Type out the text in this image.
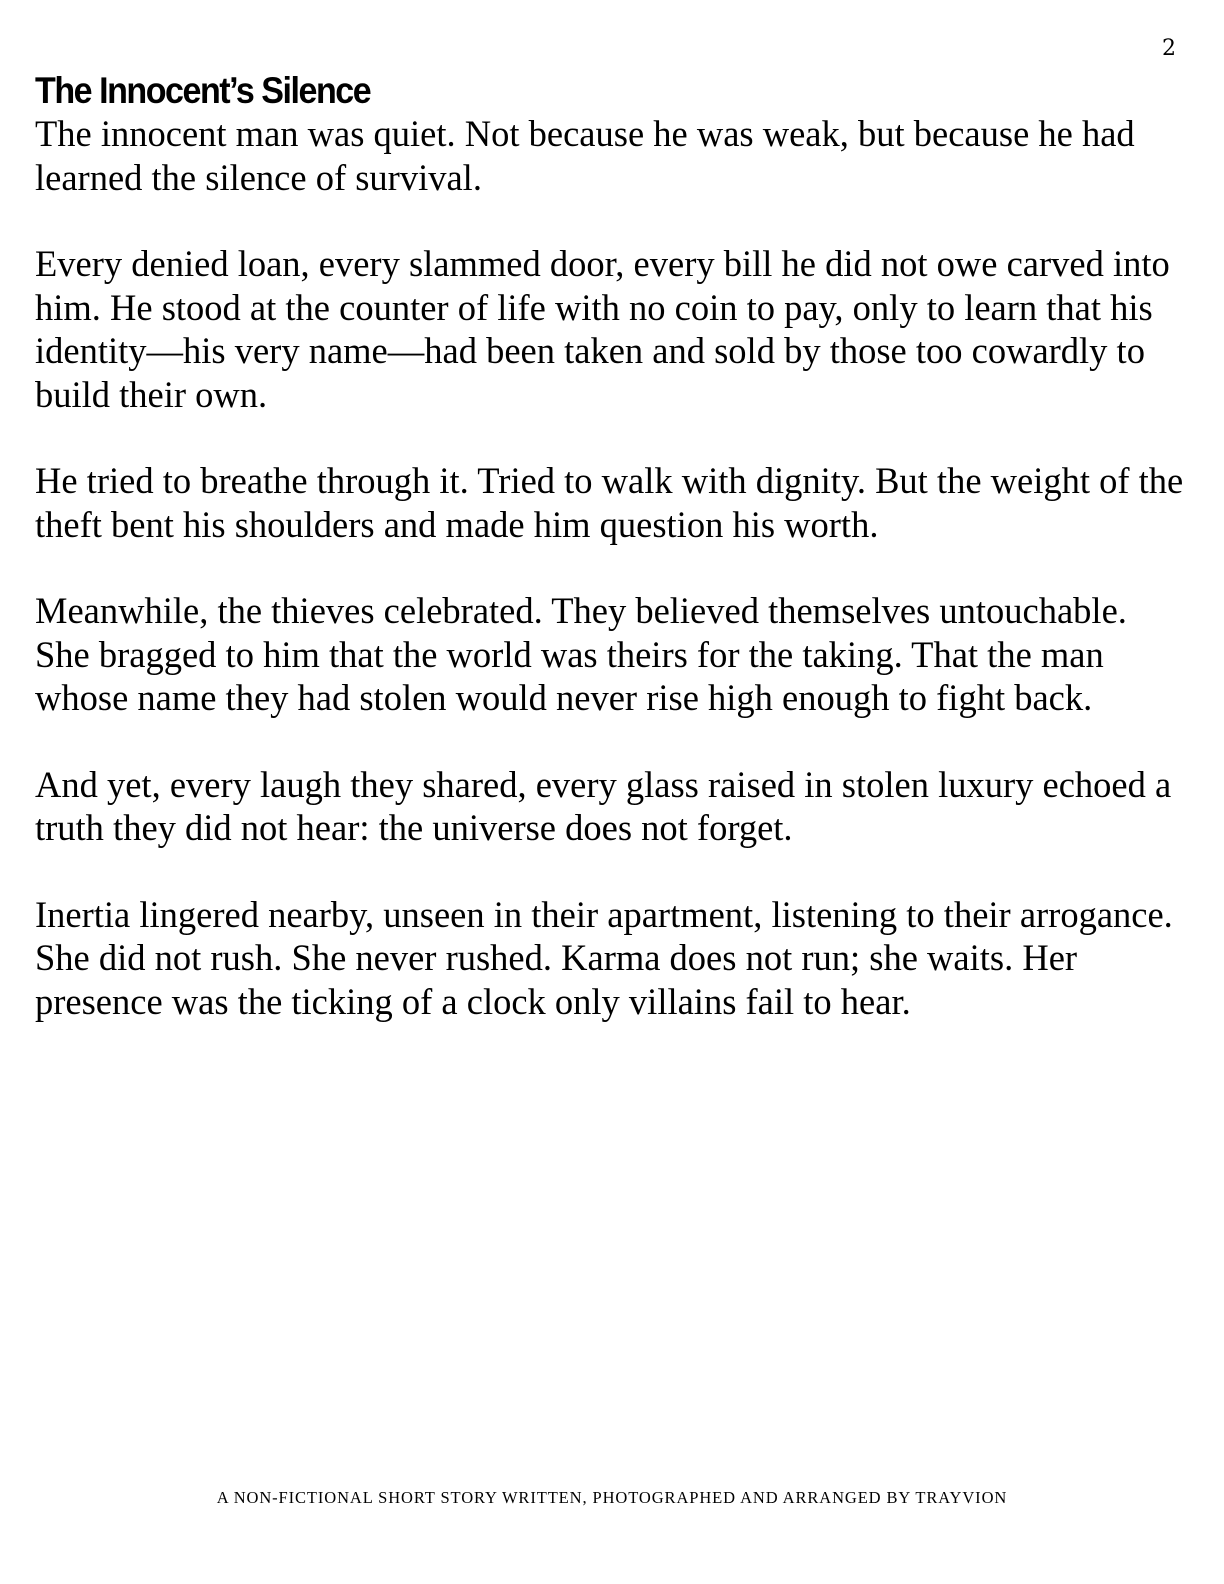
2
The Innocent’s Silence

The innocent man was quiet. Not because he was weak, but because he had learned the silence of survival.

Every denied loan, every slammed door, every bill he did not owe carved into him. He stood at the counter of life with no coin to pay, only to learn that his identity—his very name—had been taken and sold by those too cowardly to build their own.

He tried to breathe through it. Tried to walk with dignity. But the weight of the theft bent his shoulders and made him question his worth.

Meanwhile, the thieves celebrated. They believed themselves untouchable. She bragged to him that the world was theirs for the taking. That the man whose name they had stolen would never rise high enough to fight back.

And yet, every laugh they shared, every glass raised in stolen luxury echoed a truth they did not hear: the universe does not forget.

Inertia lingered nearby, unseen in their apartment, listening to their arrogance. She did not rush. She never rushed. Karma does not run; she waits. Her presence was the ticking of a clock only villains fail to hear.

A NON-FICTIONAL SHORT STORY WRITTEN, PHOTOGRAPHED AND ARRANGED BY TRAYVION
